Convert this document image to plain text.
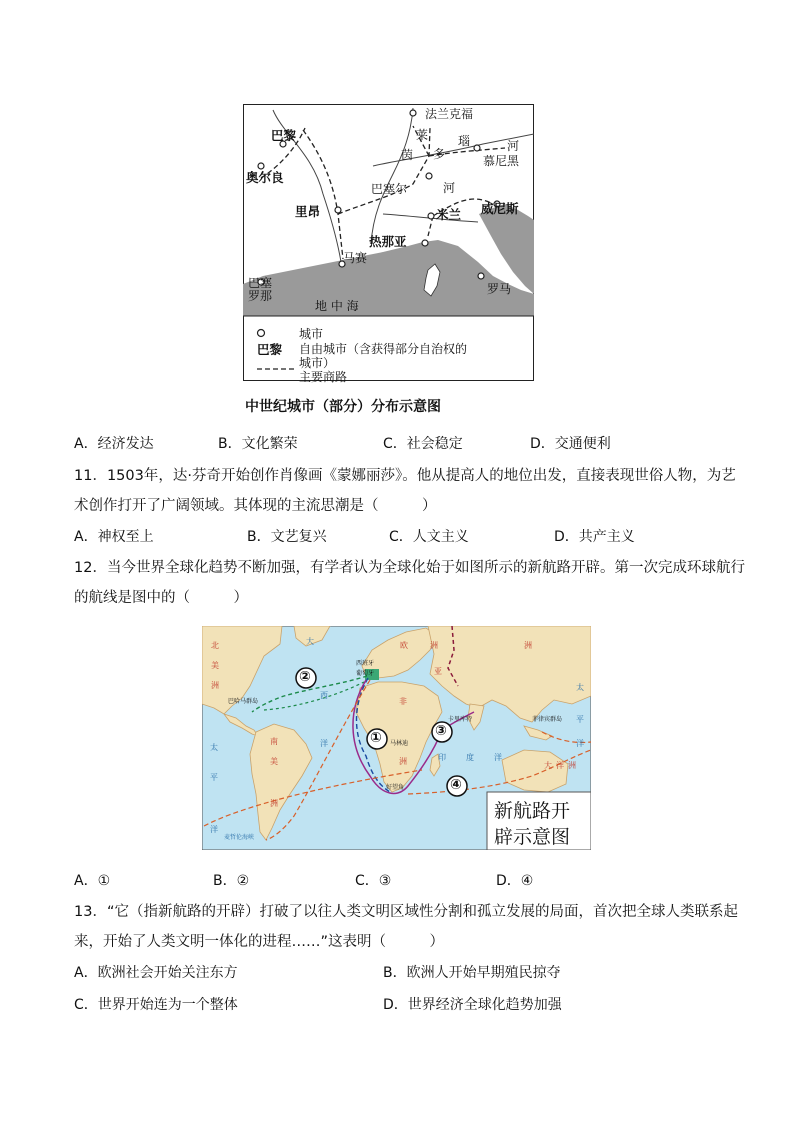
法兰克福
巴黎	莱 瑙	河
茵 多	慕尼黑
奥尔良
巴塞尔	河
里昂	米兰 威尼斯
热那亚
马赛
巴塞
罗那	罗马
地 中 海
城市
巴黎 自由城市（含获得部分自治权的
城市）
主要商路
中世纪城市（部分）分布示意图
A．经济发达	B．文化繁荣	C．社会稳定	D．交通便利
11．1503年，达·芬奇开始创作肖像画《蒙娜丽莎》。他从提高人的地位出发，直接表现世俗人物，为艺
术创作打开了广阔领域。其体现的主流思潮是（　　　）
A．神权至上	B．文艺复兴	C．人文主义	D．共产主义
12．当今世界全球化趋势不断加强，有学者认为全球化始于如图所示的新航路开辟。第一次完成环球航行
的航线是图中的（　　　）
②
①	③
④
新航路开
辟示意图
北
美
洲
太
平
洋
大
西
洋
南
美
洲
欧	洲
西班牙
葡萄牙
巴哈马群岛	非
洲
马林迪
好望角
亚
洲
卡里库特	菲律宾群岛
印	度	洋
太
平
洋
大 洋 洲
麦哲伦海峡
A．①	B．②	C．③	D．④
13．“它（指新航路的开辟）打破了以往人类文明区域性分割和孤立发展的局面，首次把全球人类联系起
来，开始了人类文明一体化的进程……”这表明（　　　）
A．欧洲社会开始关注东方	B．欧洲人开始早期殖民掠夺
C．世界开始连为一个整体	D．世界经济全球化趋势加强
